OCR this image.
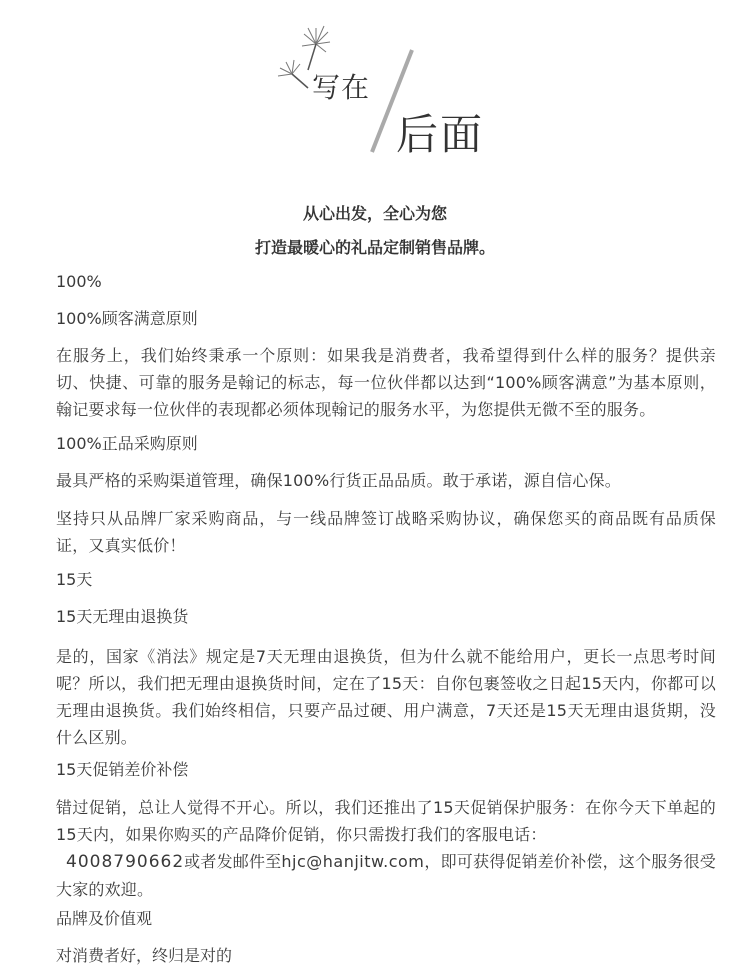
写在
后面
从心出发，全心为您
打造最暖心的礼品定制销售品牌。
100%
100%顾客满意原则
在服务上，我们始终秉承一个原则：如果我是消费者，我希望得到什么样的服务？提供亲切、快捷、可靠的服务是翰记的标志，每一位伙伴都以达到“100%顾客满意”为基本原则，翰记要求每一位伙伴的表现都必须体现翰记的服务水平，为您提供无微不至的服务。
100%正品采购原则
最具严格的采购渠道管理，确保100%行货正品品质。敢于承诺，源自信心保。
坚持只从品牌厂家采购商品，与一线品牌签订战略采购协议，确保您买的商品既有品质保证，又真实低价！
15天
15天无理由退换货
是的，国家《消法》规定是7天无理由退换货，但为什么就不能给用户，更长一点思考时间呢？所以，我们把无理由退换货时间，定在了15天：自你包裹签收之日起15天内，你都可以无理由退换货。我们始终相信，只要产品过硬、用户满意，7天还是15天无理由退货期，没什么区别。
15天促销差价补偿
错过促销，总让人觉得不开心。所以，我们还推出了15天促销保护服务：在你今天下单起的15天内，如果你购买的产品降价促销，你只需拨打我们的客服电话：
4008790662或者发邮件至hjc@hanjitw.com，即可获得促销差价补偿，这个服务很受大家的欢迎。
品牌及价值观
对消费者好，终归是对的
